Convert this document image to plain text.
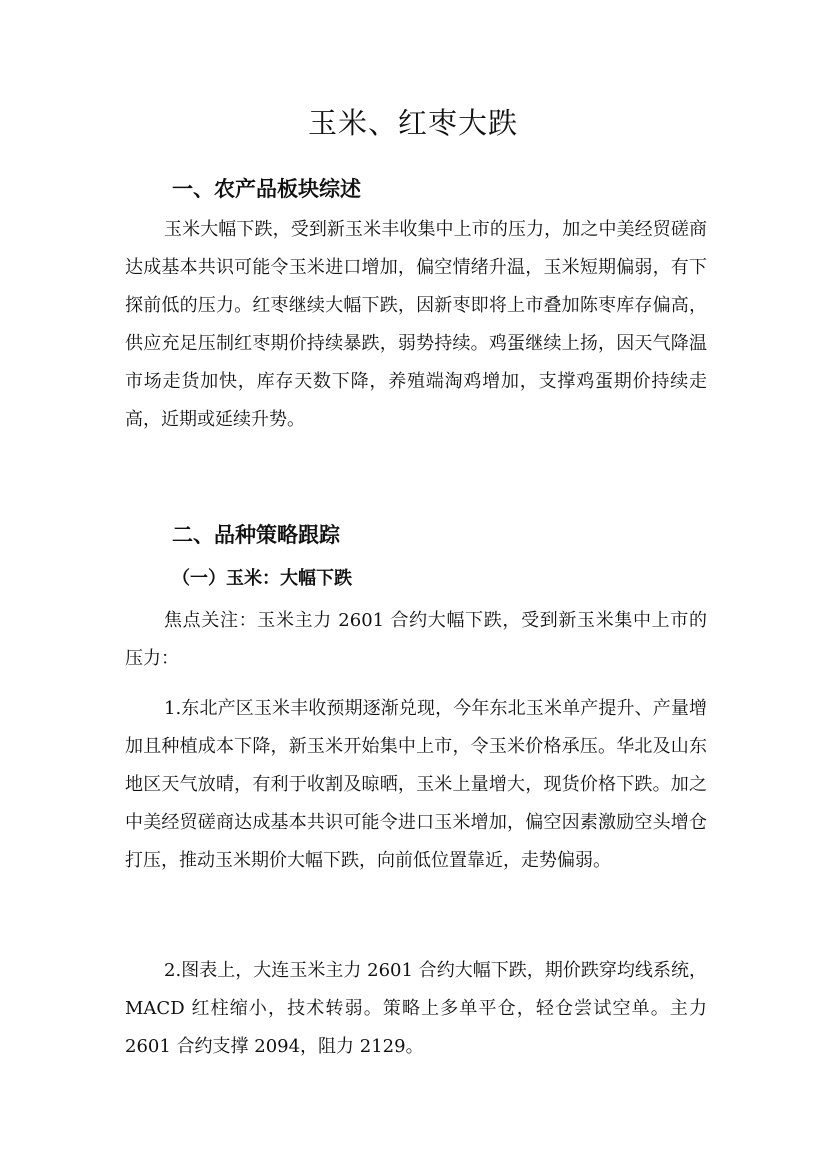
玉米、红枣大跌
一、农产品板块综述

玉米大幅下跌，受到新玉米丰收集中上市的压力，加之中美经贸磋商达成基本共识可能令玉米进口增加，偏空情绪升温，玉米短期偏弱，有下探前低的压力。红枣继续大幅下跌，因新枣即将上市叠加陈枣库存偏高，供应充足压制红枣期价持续暴跌，弱势持续。鸡蛋继续上扬，因天气降温市场走货加快，库存天数下降，养殖端淘鸡增加，支撑鸡蛋期价持续走高，近期或延续升势。

二、品种策略跟踪
（一）玉米：大幅下跌

焦点关注：玉米主力 2601 合约大幅下跌，受到新玉米集中上市的压力：

1.东北产区玉米丰收预期逐渐兑现，今年东北玉米单产提升、产量增加且种植成本下降，新玉米开始集中上市，令玉米价格承压。华北及山东地区天气放晴，有利于收割及晾晒，玉米上量增大，现货价格下跌。加之中美经贸磋商达成基本共识可能令进口玉米增加，偏空因素激励空头增仓打压，推动玉米期价大幅下跌，向前低位置靠近，走势偏弱。

2.图表上，大连玉米主力 2601 合约大幅下跌，期价跌穿均线系统，MACD 红柱缩小，技术转弱。策略上多单平仓，轻仓尝试空单。主力 2601 合约支撑 2094，阻力 2129。
